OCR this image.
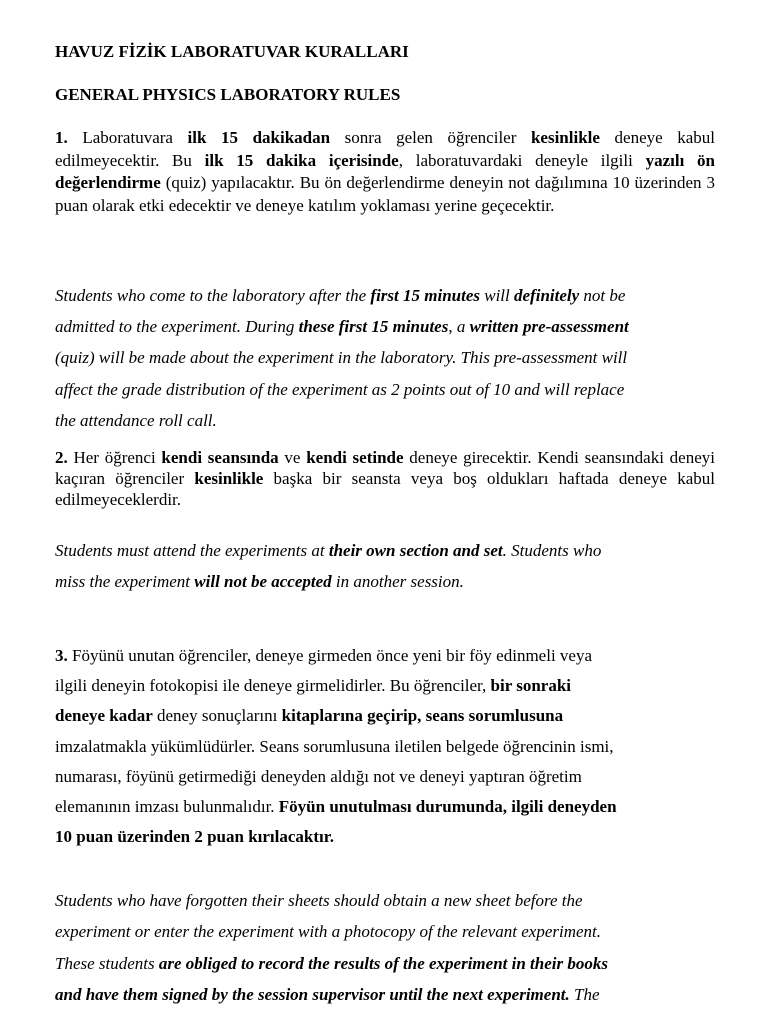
HAVUZ FİZİK LABORATUVAR KURALLARI
GENERAL PHYSICS LABORATORY RULES
1. Laboratuvara ilk 15 dakikadan sonra gelen öğrenciler kesinlikle deneye kabul edilmeyecektir. Bu ilk 15 dakika içerisinde, laboratuvardaki deneyle ilgili yazılı ön değerlendirme (quiz) yapılacaktır. Bu ön değerlendirme deneyin not dağılımına 10 üzerinden 3 puan olarak etki edecektir ve deneye katılım yoklaması yerine geçecektir.
Students who come to the laboratory after the first 15 minutes will definitely not be
admitted to the experiment. During these first 15 minutes, a written pre-assessment
(quiz) will be made about the experiment in the laboratory. This pre-assessment will
affect the grade distribution of the experiment as 2 points out of 10 and will replace
the attendance roll call.
2. Her öğrenci kendi seansında ve kendi setinde deneye girecektir. Kendi seansındaki deneyi kaçıran öğrenciler kesinlikle başka bir seansta veya boş oldukları haftada deneye kabul edilmeyeceklerdir.
Students must attend the experiments at their own section and set. Students who
miss the experiment will not be accepted in another session.
3. Föyünü unutan öğrenciler, deneye girmeden önce yeni bir föy edinmeli veya
ilgili deneyin fotokopisi ile deneye girmelidirler. Bu öğrenciler, bir sonraki
deneye kadar deney sonuçlarını kitaplarına geçirip, seans sorumlusuna
imzalatmakla yükümlüdürler. Seans sorumlusuna iletilen belgede öğrencinin ismi,
numarası, föyünü getirmediği deneyden aldığı not ve deneyi yaptıran öğretim
elemanının imzası bulunmalıdır. Föyün unutulması durumunda, ilgili deneyden
10 puan üzerinden 2 puan kırılacaktır.
Students who have forgotten their sheets should obtain a new sheet before the
experiment or enter the experiment with a photocopy of the relevant experiment.
These students are obliged to record the results of the experiment in their books
and have them signed by the session supervisor until the next experiment. The
